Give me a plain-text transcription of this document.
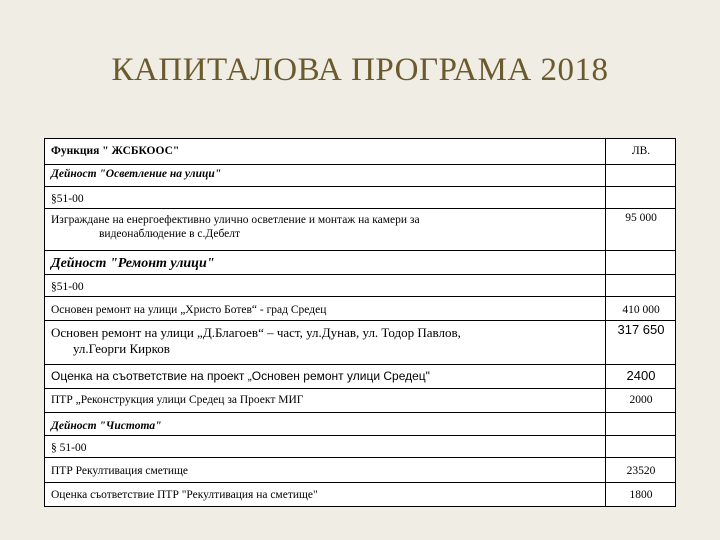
КАПИТАЛОВА ПРОГРАМА 2018
Функция " ЖСБКООС"	ЛВ.
Дейност "Осветление на улици"	
§51-00	

Изграждане на енергоефективно улично осветление и монтаж на камери за
видеонаблюдение в с.Дебелт	95 000
Дейност "Ремонт улици"	
§51-00	
Основен ремонт на улици „Христо Ботев“ - град Средец	410 000

Основен ремонт на улици „Д.Благоев“ – част, ул.Дунав, ул. Тодор Павлов,
ул.Георги Кирков	317 650
Оценка на съответствие на проект „Основен ремонт улици Средец"	2400
ПТР „Реконструкция улици Средец за Проект МИГ	2000
Дейност "Чистота"	
§ 51-00	
ПТР Рекултивация сметище	23520
Оценка съответствие ПТР "Рекултивация на сметище"	1800
